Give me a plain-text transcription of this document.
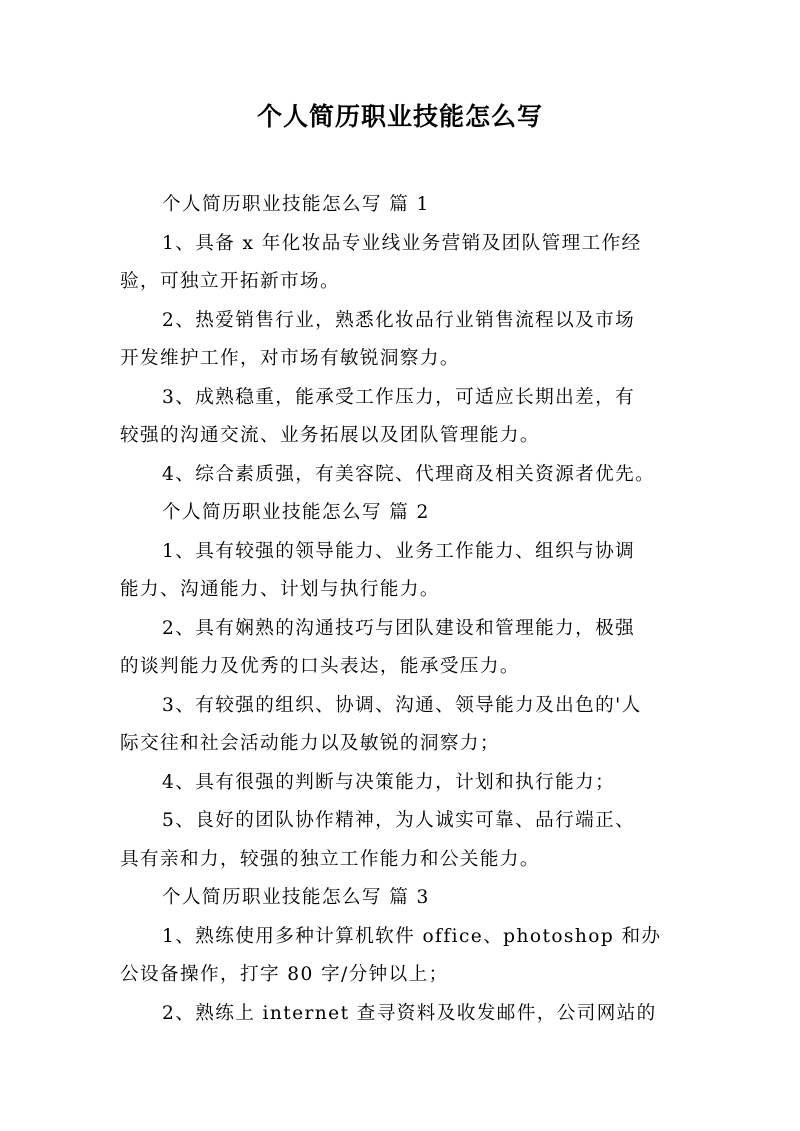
个人简历职业技能怎么写
个人简历职业技能怎么写 篇 1
1、具备 x 年化妆品专业线业务营销及团队管理工作经
验，可独立开拓新市场。
2、热爱销售行业，熟悉化妆品行业销售流程以及市场
开发维护工作，对市场有敏锐洞察力。
3、成熟稳重，能承受工作压力，可适应长期出差，有
较强的沟通交流、业务拓展以及团队管理能力。
4、综合素质强，有美容院、代理商及相关资源者优先。
个人简历职业技能怎么写 篇 2
1、具有较强的领导能力、业务工作能力、组织与协调
能力、沟通能力、计划与执行能力。
2、具有娴熟的沟通技巧与团队建设和管理能力，极强
的谈判能力及优秀的口头表达，能承受压力。
3、有较强的组织、协调、沟通、领导能力及出色的'人
际交往和社会活动能力以及敏锐的洞察力；
4、具有很强的判断与决策能力，计划和执行能力；
5、良好的团队协作精神，为人诚实可靠、品行端正、
具有亲和力，较强的独立工作能力和公关能力。
个人简历职业技能怎么写 篇 3
1、熟练使用多种计算机软件 office、photoshop 和办
公设备操作，打字 80 字/分钟以上；
2、熟练上 internet 查寻资料及收发邮件，公司网站的
